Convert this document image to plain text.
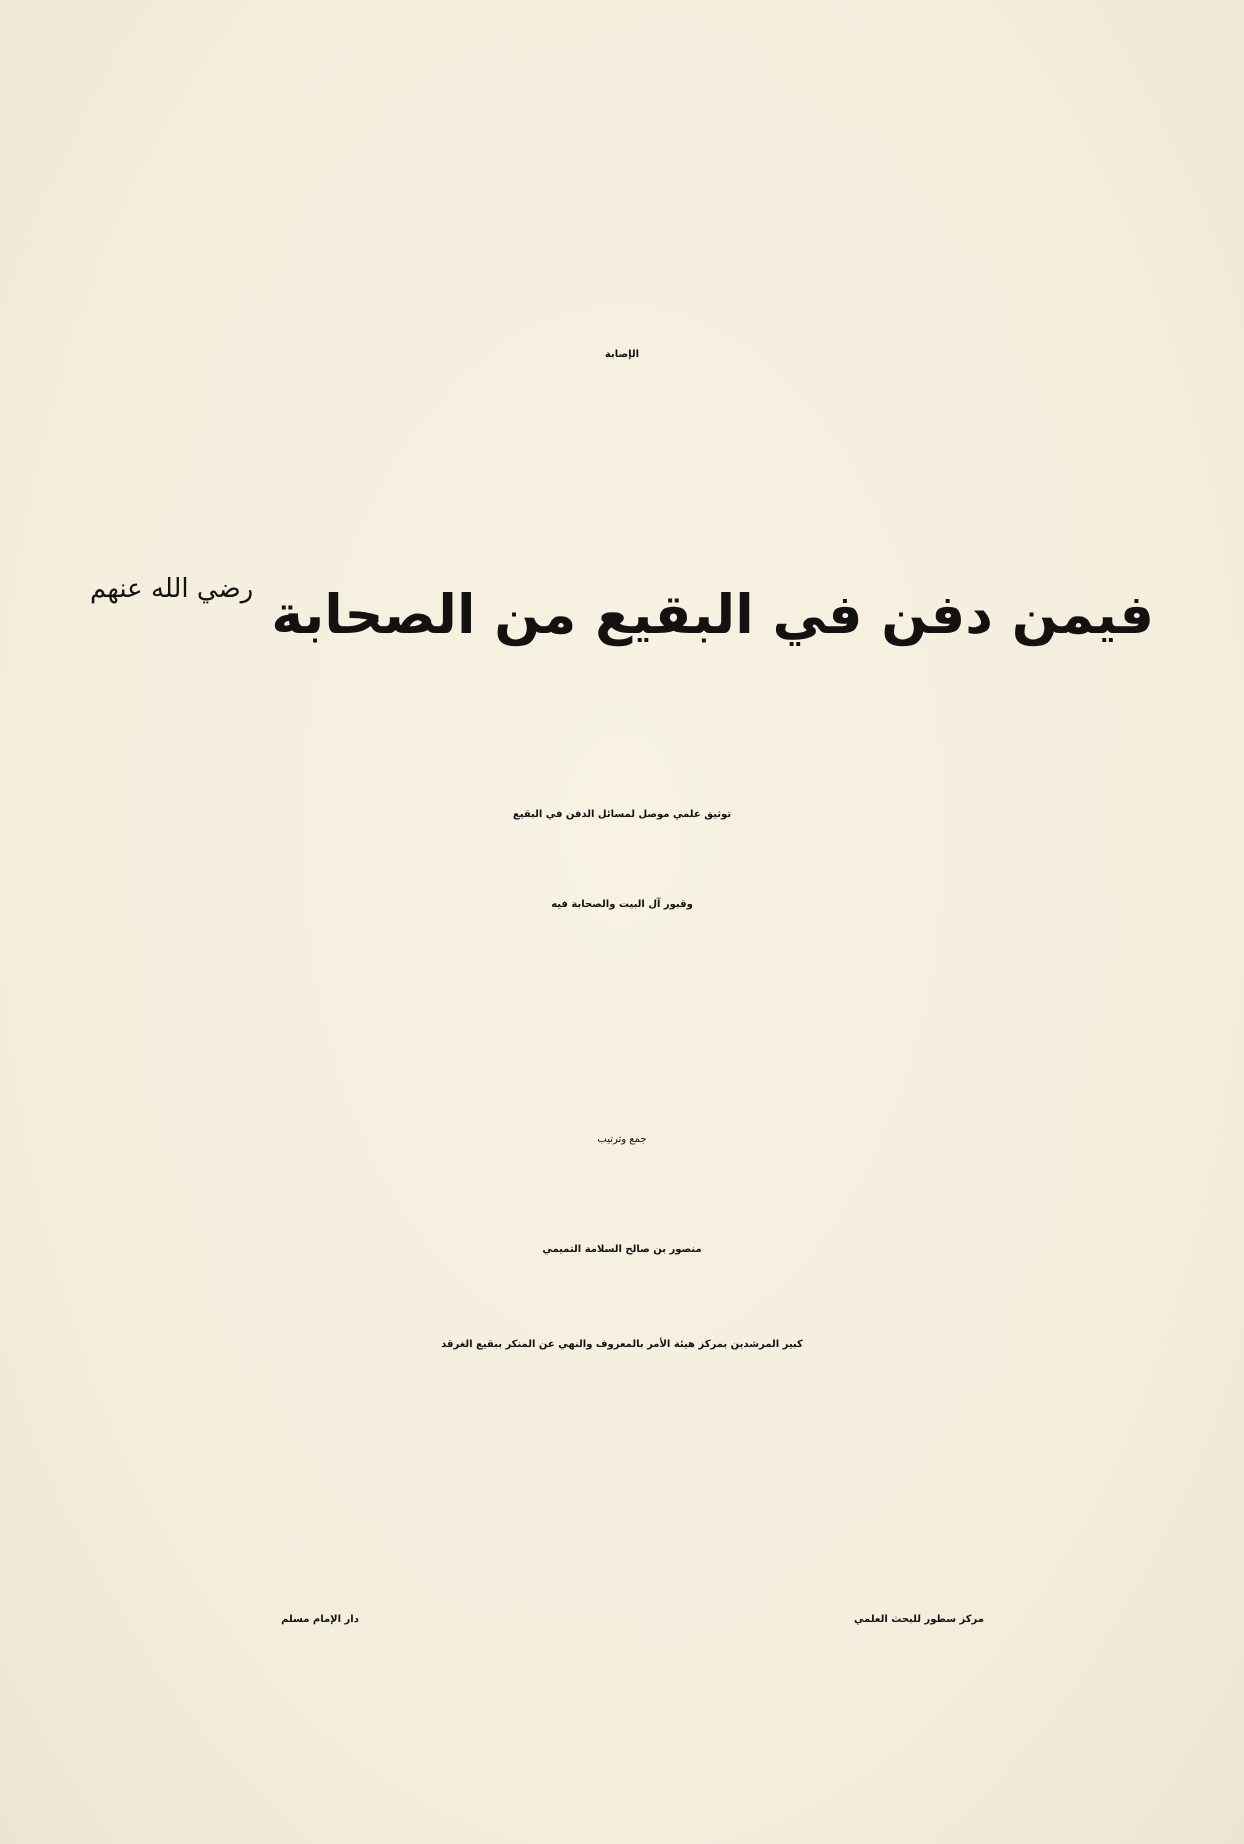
الإصابة
فيمن دفن في البقيع من الصحابة
رضي الله عنهم
توثيق علمي موصل لمسائل الدفن في البقيع
وقبور آل البيت والصحابة فيه
جمع وترتيب
منصور بن صالح السلامة التميمي
كبير المرشدين بمركز هيئة الأمر بالمعروف والنهي عن المنكر ببقيع الغرقد
مركز سطور للبحث العلمي
دار الإمام مسلم
